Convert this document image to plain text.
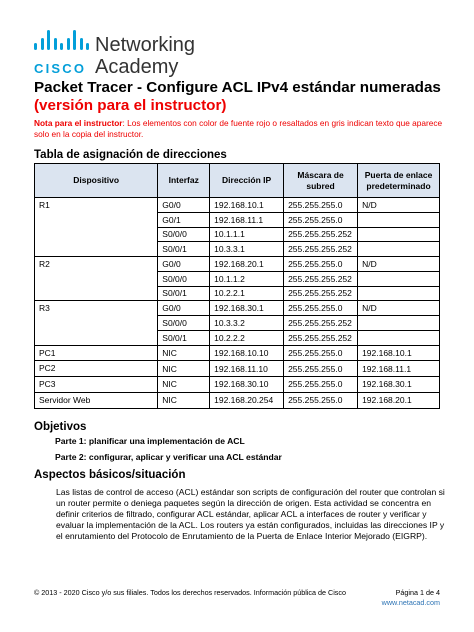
CISCO
Networking
Academy
Packet Tracer - Configure ACL IPv4 estándar numeradas (versión para el instructor)
Nota para el instructor: Los elementos con color de fuente rojo o resaltados en gris indican texto que aparece solo en la copia del instructor.
Tabla de asignación de direcciones
Dispositivo	Interfaz	Dirección IP	Máscara de subred	Puerta de enlace predeterminado
R1	G0/0	192.168.10.1	255.255.255.0	N/D
	G0/1	192.168.11.1	255.255.255.0	
	S0/0/0	10.1.1.1	255.255.255.252	
	S0/0/1	10.3.3.1	255.255.255.252	
R2	G0/0	192.168.20.1	255.255.255.0	N/D
	S0/0/0	10.1.1.2	255.255.255.252	
	S0/0/1	10.2.2.1	255.255.255.252	
R3	G0/0	192.168.30.1	255.255.255.0	N/D
	S0/0/0	10.3.3.2	255.255.255.252	
	S0/0/1	10.2.2.2	255.255.255.252	
PC1	NIC	192.168.10.10	255.255.255.0	192.168.10.1
PC2	NIC	192.168.11.10	255.255.255.0	192.168.11.1
PC3	NIC	192.168.30.10	255.255.255.0	192.168.30.1
Servidor Web	NIC	192.168.20.254	255.255.255.0	192.168.20.1
Objetivos
Parte 1: planificar una implementación de ACL
Parte 2: configurar, aplicar y verificar una ACL estándar
Aspectos básicos/situación
Las listas de control de acceso (ACL) estándar son scripts de configuración del router que controlan si un router permite o deniega paquetes según la dirección de origen. Esta actividad se concentra en definir criterios de filtrado, configurar ACL estándar, aplicar ACL a interfaces de router y verificar y evaluar la implementación de la ACL. Los routers ya están configurados, incluidas las direcciones IP y el enrutamiento del Protocolo de Enrutamiento de la Puerta de Enlace Interior Mejorado (EIGRP).
© 2013 - 2020 Cisco y/o sus filiales. Todos los derechos reservados. Información pública de Cisco	Página 1 de 4
www.netacad.com
